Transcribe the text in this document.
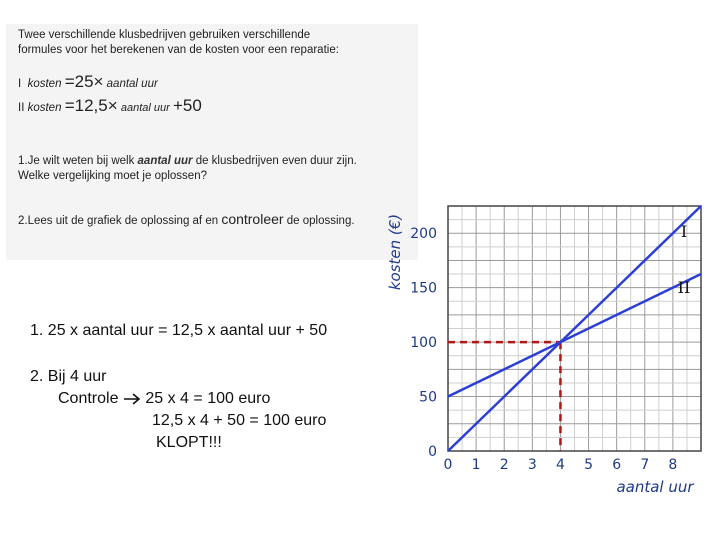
Twee verschillende klusbedrijven gebruiken verschillende
formules voor het berekenen van de kosten voor een reparatie:
I kosten =25× aantal uur
II kosten =12,5× aantal uur +50
1.Je wilt weten bij welk aantal uur de klusbedrijven even duur zijn.
Welke vergelijking moet je oplossen?
2.Lees uit de grafiek de oplossing af en controleer de oplossing.
1. 25 x aantal uur = 12,5 x aantal uur + 50
2. Bij 4 uur
Controle  25 x 4 = 100 euro
12,5 x 4 + 50 = 100 euro
KLOPT!!!
0 1 2 3 4 5 6 7 8
0
50
100
150
200	I
II
kosten (€)
aantal uur
